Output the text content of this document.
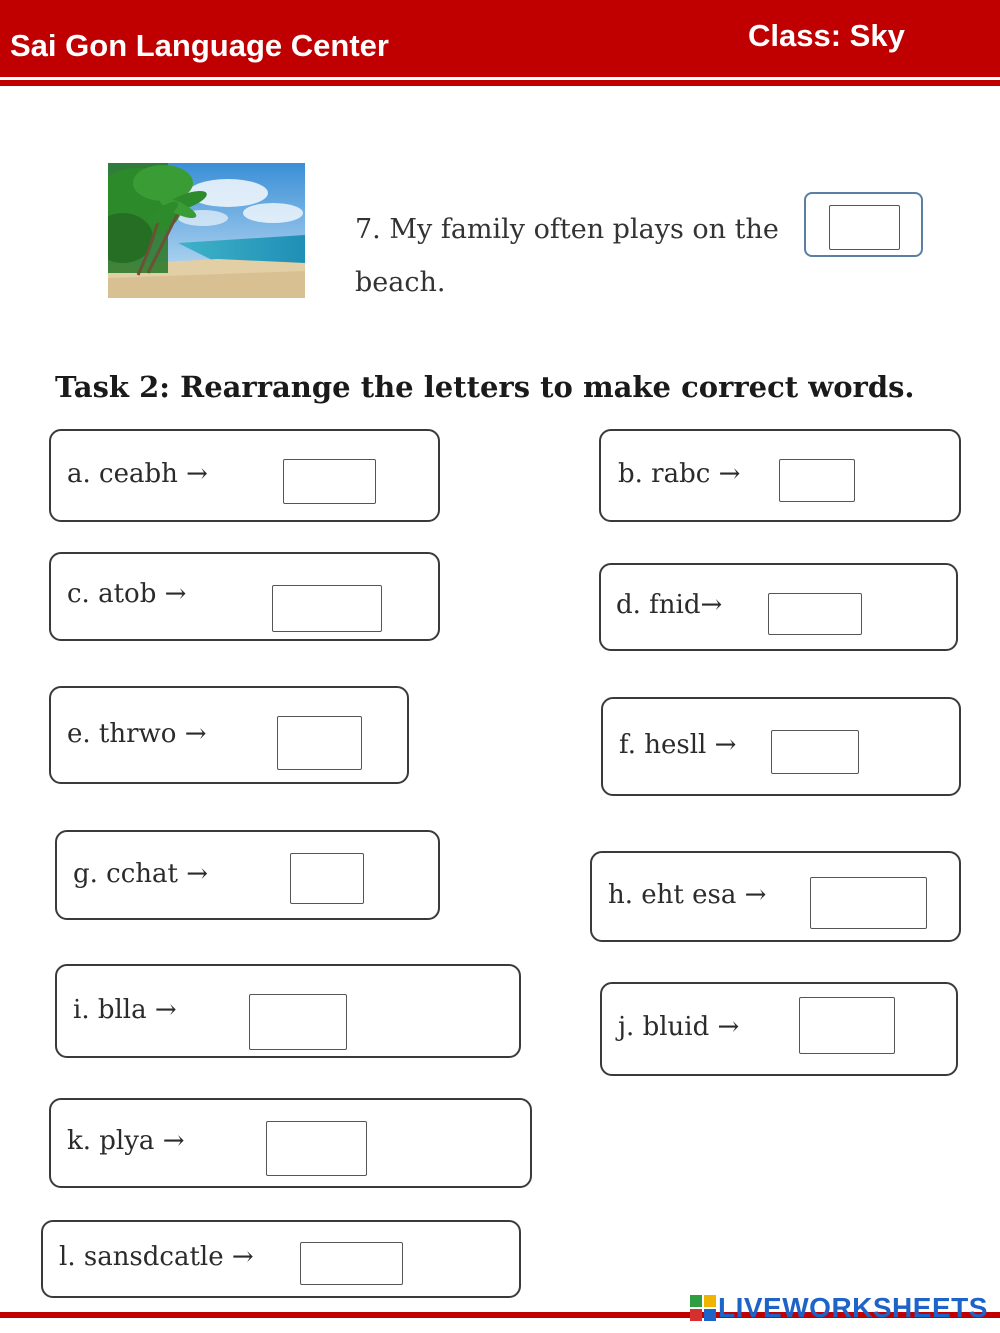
Sai Gon Language Center	Class: Sky
7. My family often plays on the beach.
Task 2: Rearrange the letters to make correct words.
a. ceabh →	b. rabc →
c. atob →	d. fnid→
e. thrwo →	f. hesll →
g. cchat →
h. eht esa →
i. blla →
j. bluid →
k. plya →
l. sansdcatle →
LIVEWORKSHEETS
